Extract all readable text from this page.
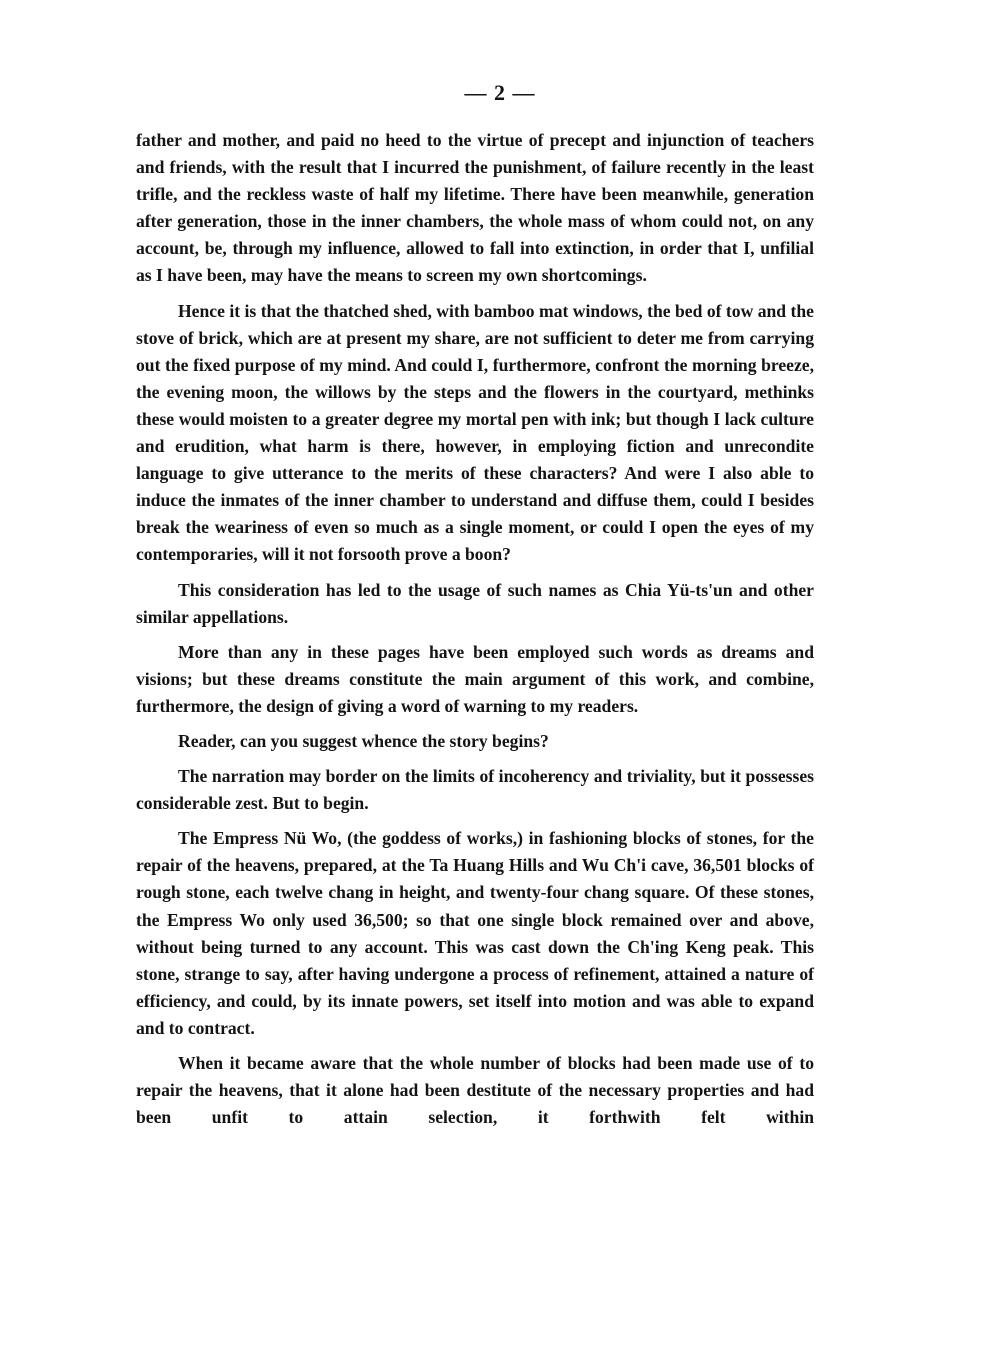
— 2 —

father and mother, and paid no heed to the virtue of precept and injunction of teachers and friends, with the result that I incurred the punishment, of failure recently in the least trifle, and the reckless waste of half my lifetime. There have been meanwhile, generation after generation, those in the inner chambers, the whole mass of whom could not, on any account, be, through my influence, allowed to fall into extinction, in order that I, unfilial as I have been, may have the means to screen my own shortcomings.

Hence it is that the thatched shed, with bamboo mat windows, the bed of tow and the stove of brick, which are at present my share, are not sufficient to deter me from carrying out the fixed purpose of my mind. And could I, furthermore, confront the morning breeze, the evening moon, the willows by the steps and the flowers in the courtyard, methinks these would moisten to a greater degree my mortal pen with ink; but though I lack culture and erudition, what harm is there, however, in employing fiction and unrecondite language to give utterance to the merits of these characters? And were I also able to induce the inmates of the inner chamber to understand and diffuse them, could I besides break the weariness of even so much as a single moment, or could I open the eyes of my contemporaries, will it not forsooth prove a boon?

This consideration has led to the usage of such names as Chia Yü-ts'un and other similar appellations.

More than any in these pages have been employed such words as dreams and visions; but these dreams constitute the main argument of this work, and combine, furthermore, the design of giving a word of warning to my readers.

Reader, can you suggest whence the story begins?

The narration may border on the limits of incoherency and triviality, but it possesses considerable zest. But to begin.

The Empress Nü Wo, (the goddess of works,) in fashioning blocks of stones, for the repair of the heavens, prepared, at the Ta Huang Hills and Wu Ch'i cave, 36,501 blocks of rough stone, each twelve chang in height, and twenty-four chang square. Of these stones, the Empress Wo only used 36,500; so that one single block remained over and above, without being turned to any account. This was cast down the Ch'ing Keng peak. This stone, strange to say, after having undergone a process of refinement, attained a nature of efficiency, and could, by its innate powers, set itself into motion and was able to expand and to contract.

When it became aware that the whole number of blocks had been made use of to repair the heavens, that it alone had been destitute of the necessary properties and had been unfit to attain selection, it forthwith felt within
